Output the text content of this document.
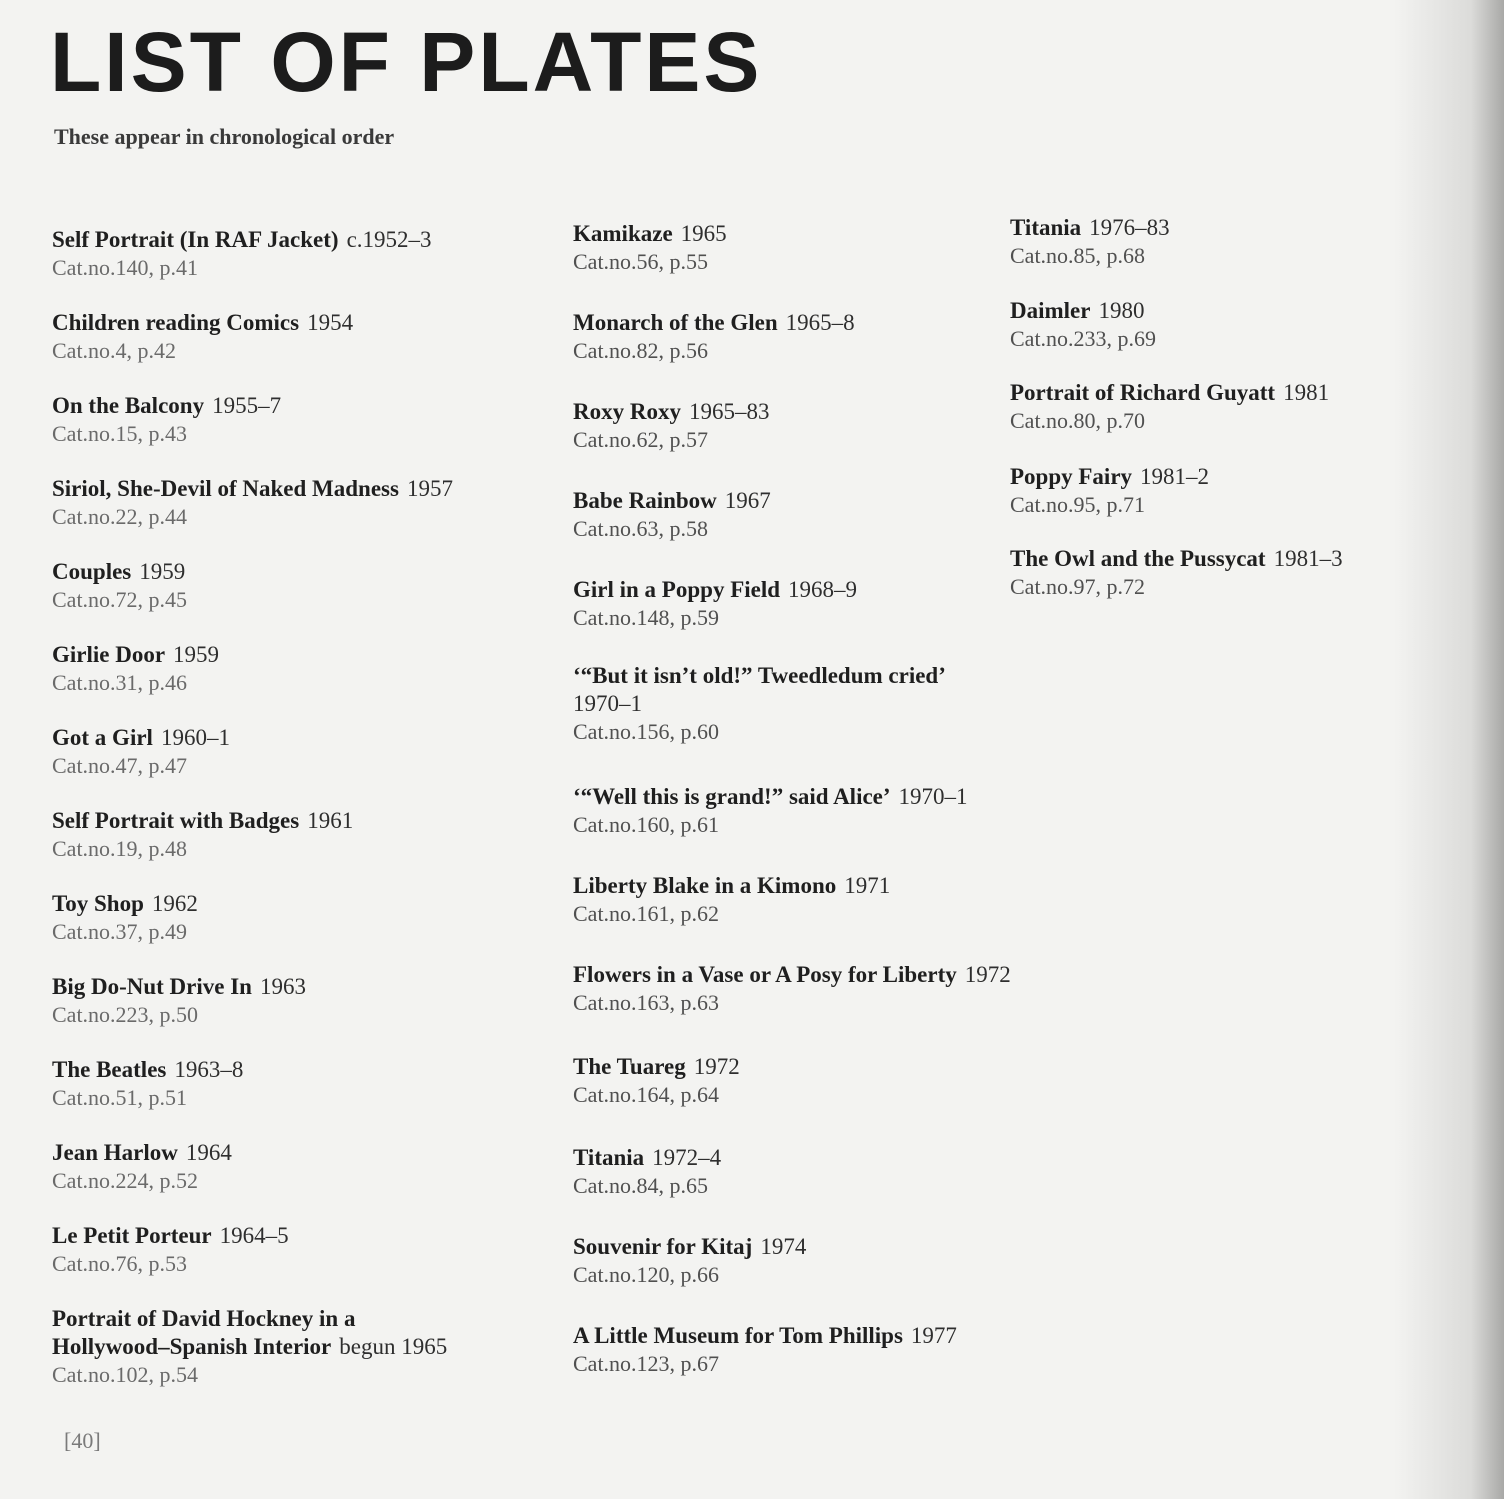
LIST OF PLATES
These appear in chronological order
Self Portrait (In RAF Jacket) c.1952–3
Cat.no.140, p.41
Children reading Comics 1954
Cat.no.4, p.42
On the Balcony 1955–7
Cat.no.15, p.43
Siriol, She-Devil of Naked Madness 1957
Cat.no.22, p.44
Couples 1959
Cat.no.72, p.45
Girlie Door 1959
Cat.no.31, p.46
Got a Girl 1960–1
Cat.no.47, p.47
Self Portrait with Badges 1961
Cat.no.19, p.48
Toy Shop 1962
Cat.no.37, p.49
Big Do-Nut Drive In 1963
Cat.no.223, p.50
The Beatles 1963–8
Cat.no.51, p.51
Jean Harlow 1964
Cat.no.224, p.52
Le Petit Porteur 1964–5
Cat.no.76, p.53
Portrait of David Hockney in a
Hollywood–Spanish Interior begun 1965
Cat.no.102, p.54
Kamikaze 1965
Cat.no.56, p.55
Monarch of the Glen 1965–8
Cat.no.82, p.56
Roxy Roxy 1965–83
Cat.no.62, p.57
Babe Rainbow 1967
Cat.no.63, p.58
Girl in a Poppy Field 1968–9
Cat.no.148, p.59
‘“But it isn’t old!” Tweedledum cried’
1970–1
Cat.no.156, p.60
‘“Well this is grand!” said Alice’ 1970–1
Cat.no.160, p.61
Liberty Blake in a Kimono 1971
Cat.no.161, p.62
Flowers in a Vase or A Posy for Liberty 1972
Cat.no.163, p.63
The Tuareg 1972
Cat.no.164, p.64
Titania 1972–4
Cat.no.84, p.65
Souvenir for Kitaj 1974
Cat.no.120, p.66
A Little Museum for Tom Phillips 1977
Cat.no.123, p.67
Titania 1976–83
Cat.no.85, p.68
Daimler 1980
Cat.no.233, p.69
Portrait of Richard Guyatt 1981
Cat.no.80, p.70
Poppy Fairy 1981–2
Cat.no.95, p.71
The Owl and the Pussycat 1981–3
Cat.no.97, p.72
[40]
